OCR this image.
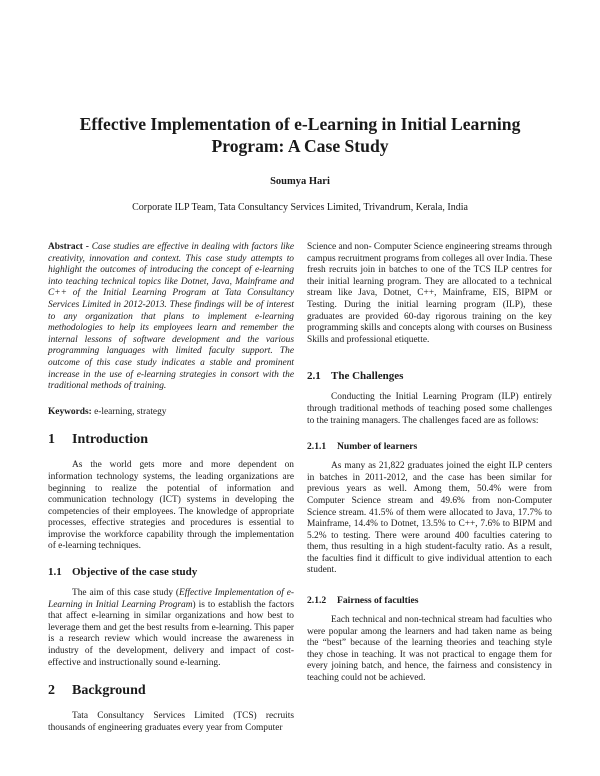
Effective Implementation of e-Learning in Initial Learning Program: A Case Study

Soumya Hari

Corporate ILP Team, Tata Consultancy Services Limited, Trivandrum, Kerala, India

Abstract - Case studies are effective in dealing with factors like creativity, innovation and context. This case study attempts to highlight the outcomes of introducing the concept of e-learning into teaching technical topics like Dotnet, Java, Mainframe and C++ of the Initial Learning Program at Tata Consultancy Services Limited in 2012-2013. These findings will be of interest to any organization that plans to implement e-learning methodologies to help its employees learn and remember the internal lessons of software development and the various programming languages with limited faculty support. The outcome of this case study indicates a stable and prominent increase in the use of e-learning strategies in consort with the traditional methods of training.

Keywords: e-learning, strategy

1 Introduction

As the world gets more and more dependent on information technology systems, the leading organizations are beginning to realize the potential of information and communication technology (ICT) systems in developing the competencies of their employees. The knowledge of appropriate processes, effective strategies and procedures is essential to improvise the workforce capability through the implementation of e-learning techniques.

1.1 Objective of the case study

The aim of this case study (Effective Implementation of e-Learning in Initial Learning Program) is to establish the factors that affect e-learning in similar organizations and how best to leverage them and get the best results from e-learning. This paper is a research review which would increase the awareness in industry of the development, delivery and impact of cost-effective and instructionally sound e-learning.

2 Background

Tata Consultancy Services Limited (TCS) recruits thousands of engineering graduates every year from Computer

Science and non- Computer Science engineering streams through campus recruitment programs from colleges all over India. These fresh recruits join in batches to one of the TCS ILP centres for their initial learning program. They are allocated to a technical stream like Java, Dotnet, C++, Mainframe, EIS, BIPM or Testing. During the initial learning program (ILP), these graduates are provided 60-day rigorous training on the key programming skills and concepts along with courses on Business Skills and professional etiquette.

2.1 The Challenges

Conducting the Initial Learning Program (ILP) entirely through traditional methods of teaching posed some challenges to the training managers. The challenges faced are as follows:

2.1.1 Number of learners

As many as 21,822 graduates joined the eight ILP centers in batches in 2011-2012, and the case has been similar for previous years as well. Among them, 50.4% were from Computer Science stream and 49.6% from non-Computer Science stream. 41.5% of them were allocated to Java, 17.7% to Mainframe, 14.4% to Dotnet, 13.5% to C++, 7.6% to BIPM and 5.2% to testing. There were around 400 faculties catering to them, thus resulting in a high student-faculty ratio. As a result, the faculties find it difficult to give individual attention to each student.

2.1.2 Fairness of faculties

Each technical and non-technical stream had faculties who were popular among the learners and had taken name as being the “best” because of the learning theories and teaching style they chose in teaching. It was not practical to engage them for every joining batch, and hence, the fairness and consistency in teaching could not be achieved.
